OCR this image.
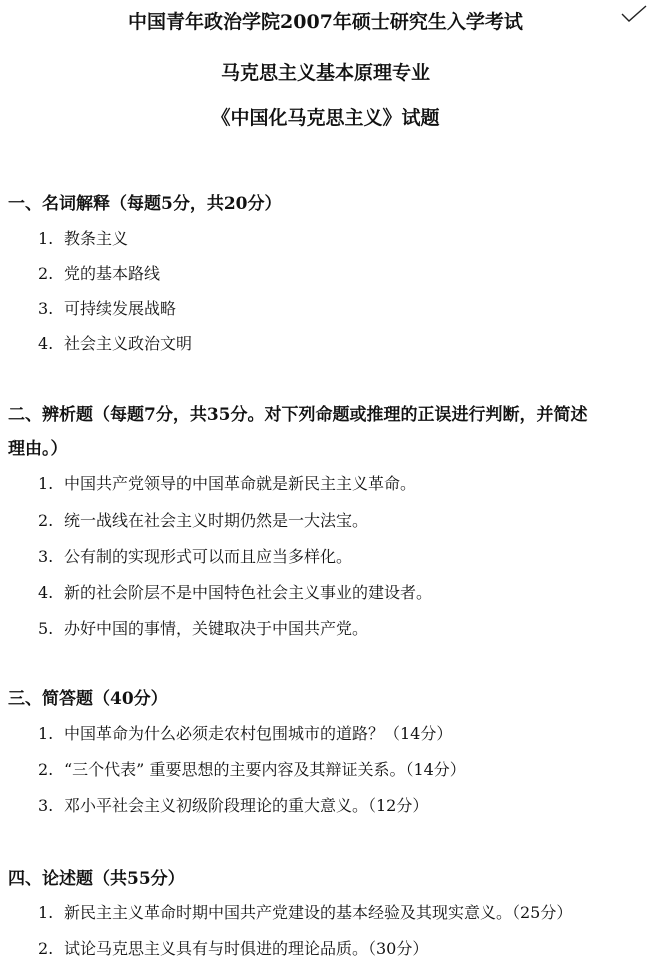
中国青年政治学院2007年硕士研究生入学考试
马克思主义基本原理专业
《中国化马克思主义》试题
一、名词解释（每题5分，共20分）
1. 教条主义
2. 党的基本路线
3. 可持续发展战略
4. 社会主义政治文明
二、辨析题（每题7分，共35分。对下列命题或推理的正误进行判断，并简述
理由。）
1. 中国共产党领导的中国革命就是新民主主义革命。
2. 统一战线在社会主义时期仍然是一大法宝。
3. 公有制的实现形式可以而且应当多样化。
4. 新的社会阶层不是中国特色社会主义事业的建设者。
5. 办好中国的事情，关键取决于中国共产党。
三、简答题（40分）
1. 中国革命为什么必须走农村包围城市的道路？（14分）
2. “三个代表” 重要思想的主要内容及其辩证关系。（14分）
3. 邓小平社会主义初级阶段理论的重大意义。（12分）
四、论述题（共55分）
1. 新民主主义革命时期中国共产党建设的基本经验及其现实意义。（25分）
2. 试论马克思主义具有与时俱进的理论品质。（30分）
